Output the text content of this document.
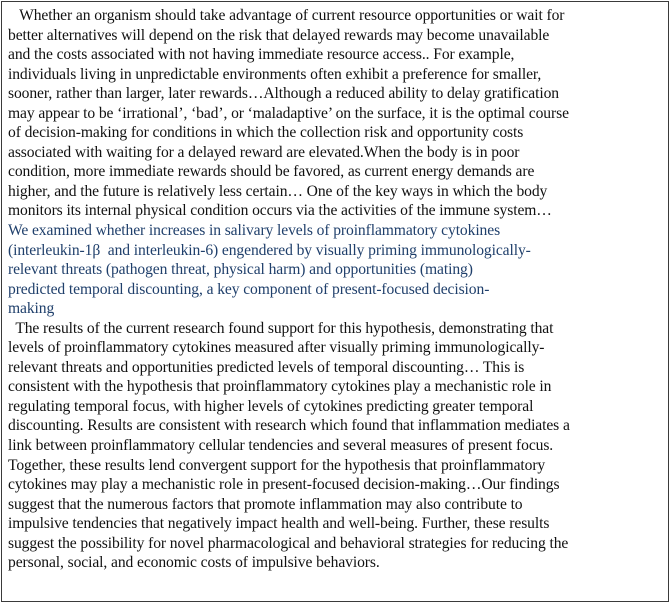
Whether an organism should take advantage of current resource opportunities or wait for
better alternatives will depend on the risk that delayed rewards may become unavailable
and the costs associated with not having immediate resource access.. For example,
individuals living in unpredictable environments often exhibit a preference for smaller,
sooner, rather than larger, later rewards…Although a reduced ability to delay gratification
may appear to be ‘irrational’, ‘bad’, or ‘maladaptive’ on the surface, it is the optimal course
of decision-making for conditions in which the collection risk and opportunity costs
associated with waiting for a delayed reward are elevated.When the body is in poor
condition, more immediate rewards should be favored, as current energy demands are
higher, and the future is relatively less certain… One of the key ways in which the body
monitors its internal physical condition occurs via the activities of the immune system…
We examined whether increases in salivary levels of proinflammatory cytokines
(interleukin-1β  and interleukin-6) engendered by visually priming immunologically-
relevant threats (pathogen threat, physical harm) and opportunities (mating)
predicted temporal discounting, a key component of present-focused decision-
making
The results of the current research found support for this hypothesis, demonstrating that
levels of proinflammatory cytokines measured after visually priming immunologically-
relevant threats and opportunities predicted levels of temporal discounting… This is
consistent with the hypothesis that proinflammatory cytokines play a mechanistic role in
regulating temporal focus, with higher levels of cytokines predicting greater temporal
discounting. Results are consistent with research which found that inflammation mediates a
link between proinflammatory cellular tendencies and several measures of present focus.
Together, these results lend convergent support for the hypothesis that proinflammatory
cytokines may play a mechanistic role in present-focused decision-making…Our findings
suggest that the numerous factors that promote inflammation may also contribute to
impulsive tendencies that negatively impact health and well-being. Further, these results
suggest the possibility for novel pharmacological and behavioral strategies for reducing the
personal, social, and economic costs of impulsive behaviors.
